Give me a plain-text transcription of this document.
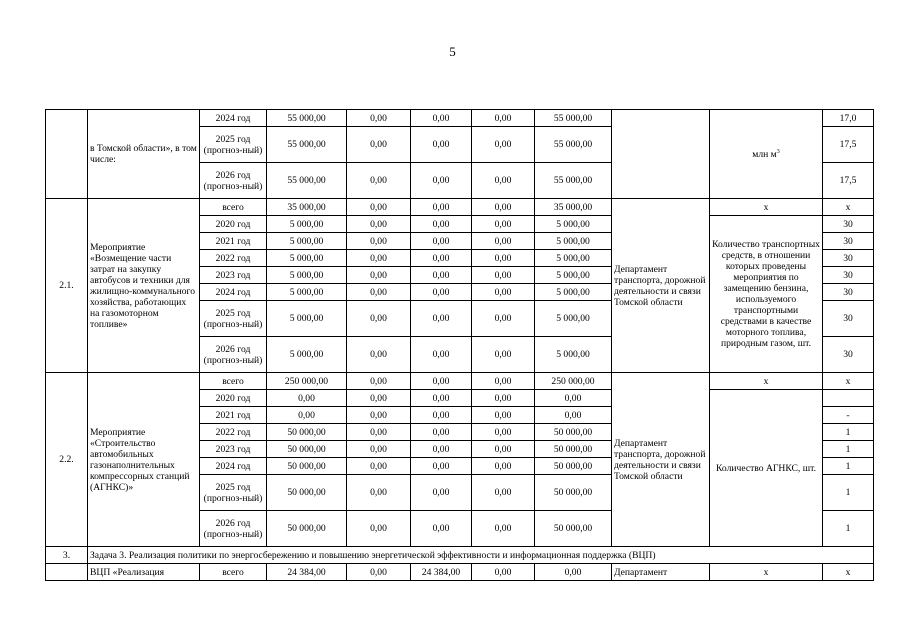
5
	в Томской области», в том числе:	2024 год	55 000,00	0,00	0,00	0,00	55 000,00		млн $м^3$	17,0
		2025 год (прогноз-ный)	55 000,00	0,00	0,00	0,00	55 000,00			17,5
		2026 год (прогноз-ный)	55 000,00	0,00	0,00	0,00	55 000,00			17,5
2.1.	Мероприятие «Возмещение части затрат на закупку автобусов и техники для жилищно-коммунального хозяйства, работающих на газомоторном топливе»	всего	35 000,00	0,00	0,00	0,00	35 000,00	Департамент транспорта, дорожной деятельности и связи Томской области	х	х
		2020 год	5 000,00	0,00	0,00	0,00	5 000,00		Количество транспортных средств, в отношении которых проведены мероприятия по замещению бензина, используемого транспортными средствами в качестве моторного топлива, природным газом, шт.	30
		2021 год	5 000,00	0,00	0,00	0,00	5 000,00			30
		2022 год	5 000,00	0,00	0,00	0,00	5 000,00			30
		2023 год	5 000,00	0,00	0,00	0,00	5 000,00			30
		2024 год	5 000,00	0,00	0,00	0,00	5 000,00			30
		2025 год (прогноз-ный)	5 000,00	0,00	0,00	0,00	5 000,00			30
		2026 год (прогноз-ный)	5 000,00	0,00	0,00	0,00	5 000,00			30
2.2.	Мероприятие «Строительство автомобильных газонаполнительных компрессорных станций (АГНКС)»	всего	250 000,00	0,00	0,00	0,00	250 000,00	Департамент транспорта, дорожной деятельности и связи Томской области	х	х
		2020 год	0,00	0,00	0,00	0,00	0,00		Количество АГНКС, шт.	
		2021 год	0,00	0,00	0,00	0,00	0,00			-
		2022 год	50 000,00	0,00	0,00	0,00	50 000,00			1
		2023 год	50 000,00	0,00	0,00	0,00	50 000,00			1
		2024 год	50 000,00	0,00	0,00	0,00	50 000,00			1
		2025 год (прогноз-ный)	50 000,00	0,00	0,00	0,00	50 000,00			1
		2026 год (прогноз-ный)	50 000,00	0,00	0,00	0,00	50 000,00			1
3.	Задача 3. Реализация политики по энергосбережению и повышению энергетической эффективности и информационная поддержка (ВЦП)									
	ВЦП «Реализация	всего	24 384,00	0,00	24 384,00	0,00	0,00	Департамент	х	х
